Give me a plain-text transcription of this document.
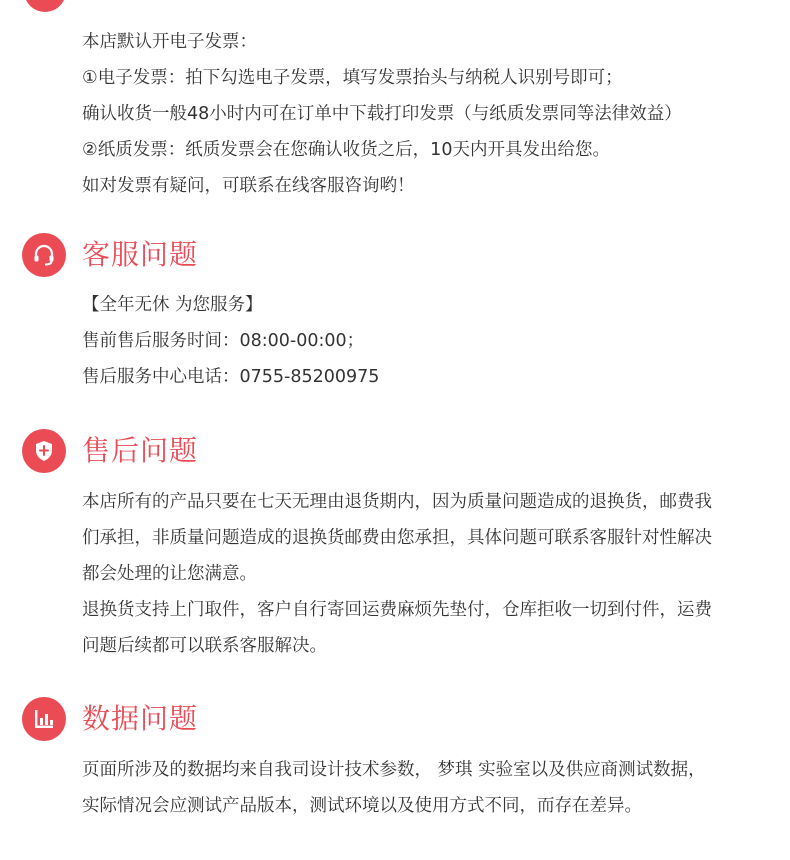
本店默认开电子发票：
①电子发票：拍下勾选电子发票，填写发票抬头与纳税人识别号即可；
确认收货一般48小时内可在订单中下载打印发票（与纸质发票同等法律效益）
②纸质发票：纸质发票会在您确认收货之后，10天内开具发出给您。
如对发票有疑问，可联系在线客服咨询哟！
客服问题
【全年无休 为您服务】
售前售后服务时间：08:00-00:00；
售后服务中心电话：0755-85200975
售后问题
本店所有的产品只要在七天无理由退货期内，因为质量问题造成的退换货，邮费我
们承担，非质量问题造成的退换货邮费由您承担，具体问题可联系客服针对性解决
都会处理的让您满意。
退换货支持上门取件，客户自行寄回运费麻烦先垫付，仓库拒收一切到付件，运费
问题后续都可以联系客服解决。
数据问题
页面所涉及的数据均来自我司设计技术参数， 梦琪 实验室以及供应商测试数据，
实际情况会应测试产品版本，测试环境以及使用方式不同，而存在差异。
